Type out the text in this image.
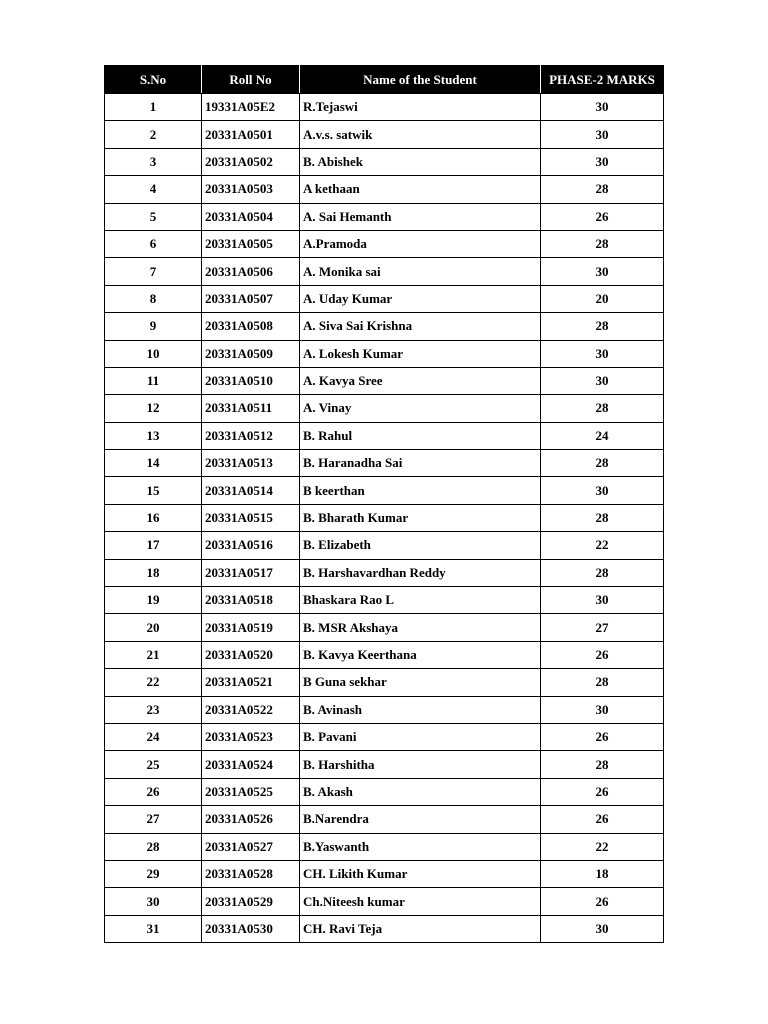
S.No	Roll No	Name of the Student	PHASE-2 MARKS
1	19331A05E2	R.Tejaswi	30
2	20331A0501	A.v.s. satwik	30
3	20331A0502	B. Abishek	30
4	20331A0503	A kethaan	28
5	20331A0504	A. Sai Hemanth	26
6	20331A0505	A.Pramoda	28
7	20331A0506	A. Monika sai	30
8	20331A0507	A. Uday Kumar	20
9	20331A0508	A. Siva Sai Krishna	28
10	20331A0509	A. Lokesh Kumar	30
11	20331A0510	A. Kavya Sree	30
12	20331A0511	A. Vinay	28
13	20331A0512	B. Rahul	24
14	20331A0513	B. Haranadha Sai	28
15	20331A0514	B keerthan	30
16	20331A0515	B. Bharath Kumar	28
17	20331A0516	B. Elizabeth	22
18	20331A0517	B. Harshavardhan Reddy	28
19	20331A0518	Bhaskara Rao L	30
20	20331A0519	B. MSR Akshaya	27
21	20331A0520	B. Kavya Keerthana	26
22	20331A0521	B Guna sekhar	28
23	20331A0522	B. Avinash	30
24	20331A0523	B. Pavani	26
25	20331A0524	B. Harshitha	28
26	20331A0525	B. Akash	26
27	20331A0526	B.Narendra	26
28	20331A0527	B.Yaswanth	22
29	20331A0528	CH. Likith Kumar	18
30	20331A0529	Ch.Niteesh kumar	26
31	20331A0530	CH. Ravi Teja	30
